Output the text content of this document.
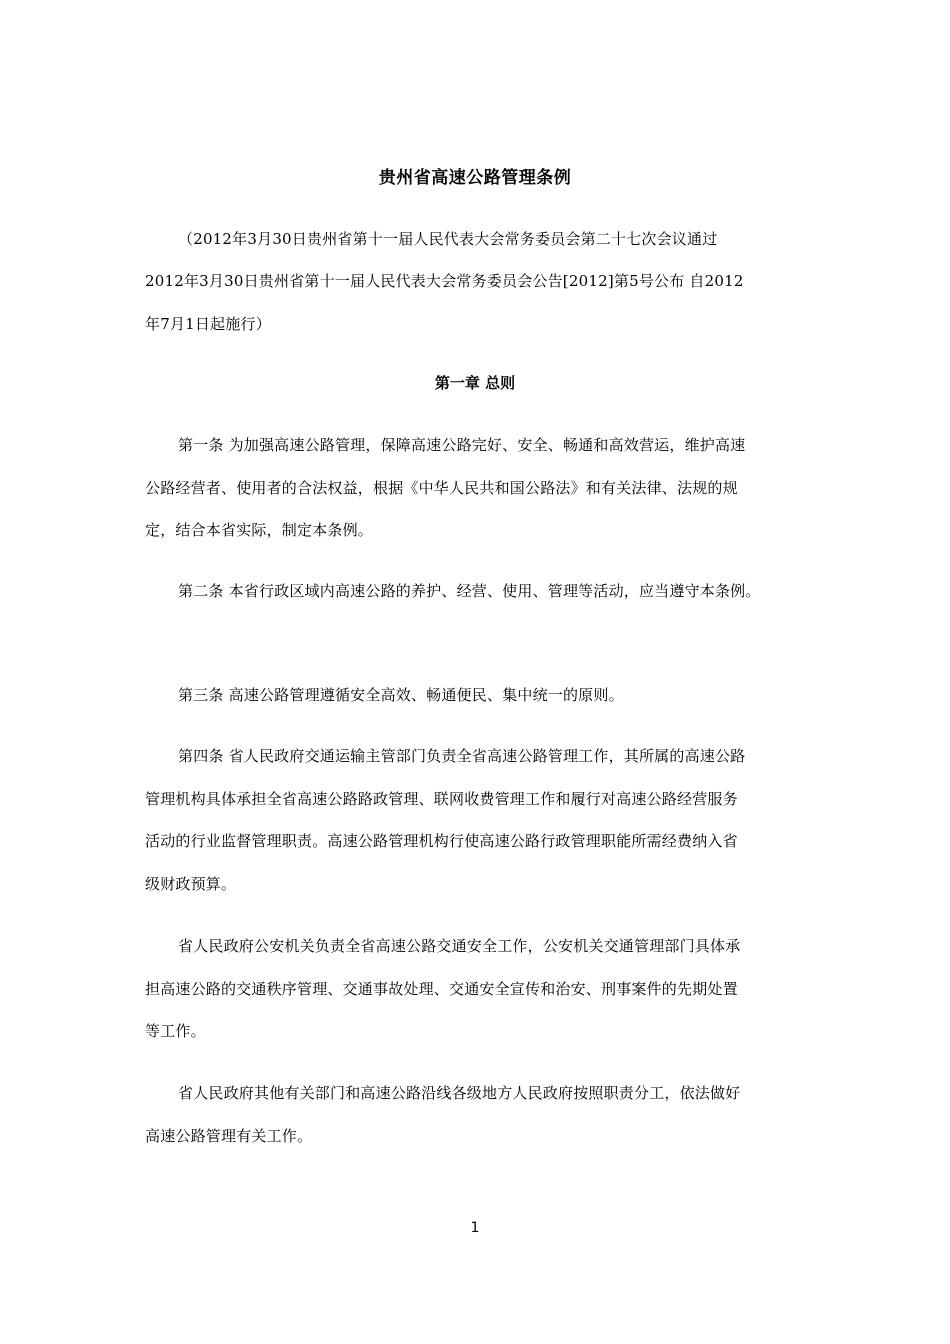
贵州省高速公路管理条例
（2012年3月30日贵州省第十一届人民代表大会常务委员会第二十七次会议通过
2012年3月30日贵州省第十一届人民代表大会常务委员会公告[2012]第5号公布 自2012
年7月1日起施行）
第一章 总则
第一条 为加强高速公路管理，保障高速公路完好、安全、畅通和高效营运，维护高速
公路经营者、使用者的合法权益，根据《中华人民共和国公路法》和有关法律、法规的规
定，结合本省实际，制定本条例。
第二条 本省行政区域内高速公路的养护、经营、使用、管理等活动，应当遵守本条例。
第三条 高速公路管理遵循安全高效、畅通便民、集中统一的原则。
第四条 省人民政府交通运输主管部门负责全省高速公路管理工作，其所属的高速公路
管理机构具体承担全省高速公路路政管理、联网收费管理工作和履行对高速公路经营服务
活动的行业监督管理职责。高速公路管理机构行使高速公路行政管理职能所需经费纳入省
级财政预算。
省人民政府公安机关负责全省高速公路交通安全工作，公安机关交通管理部门具体承
担高速公路的交通秩序管理、交通事故处理、交通安全宣传和治安、刑事案件的先期处置
等工作。
省人民政府其他有关部门和高速公路沿线各级地方人民政府按照职责分工，依法做好
高速公路管理有关工作。
1
